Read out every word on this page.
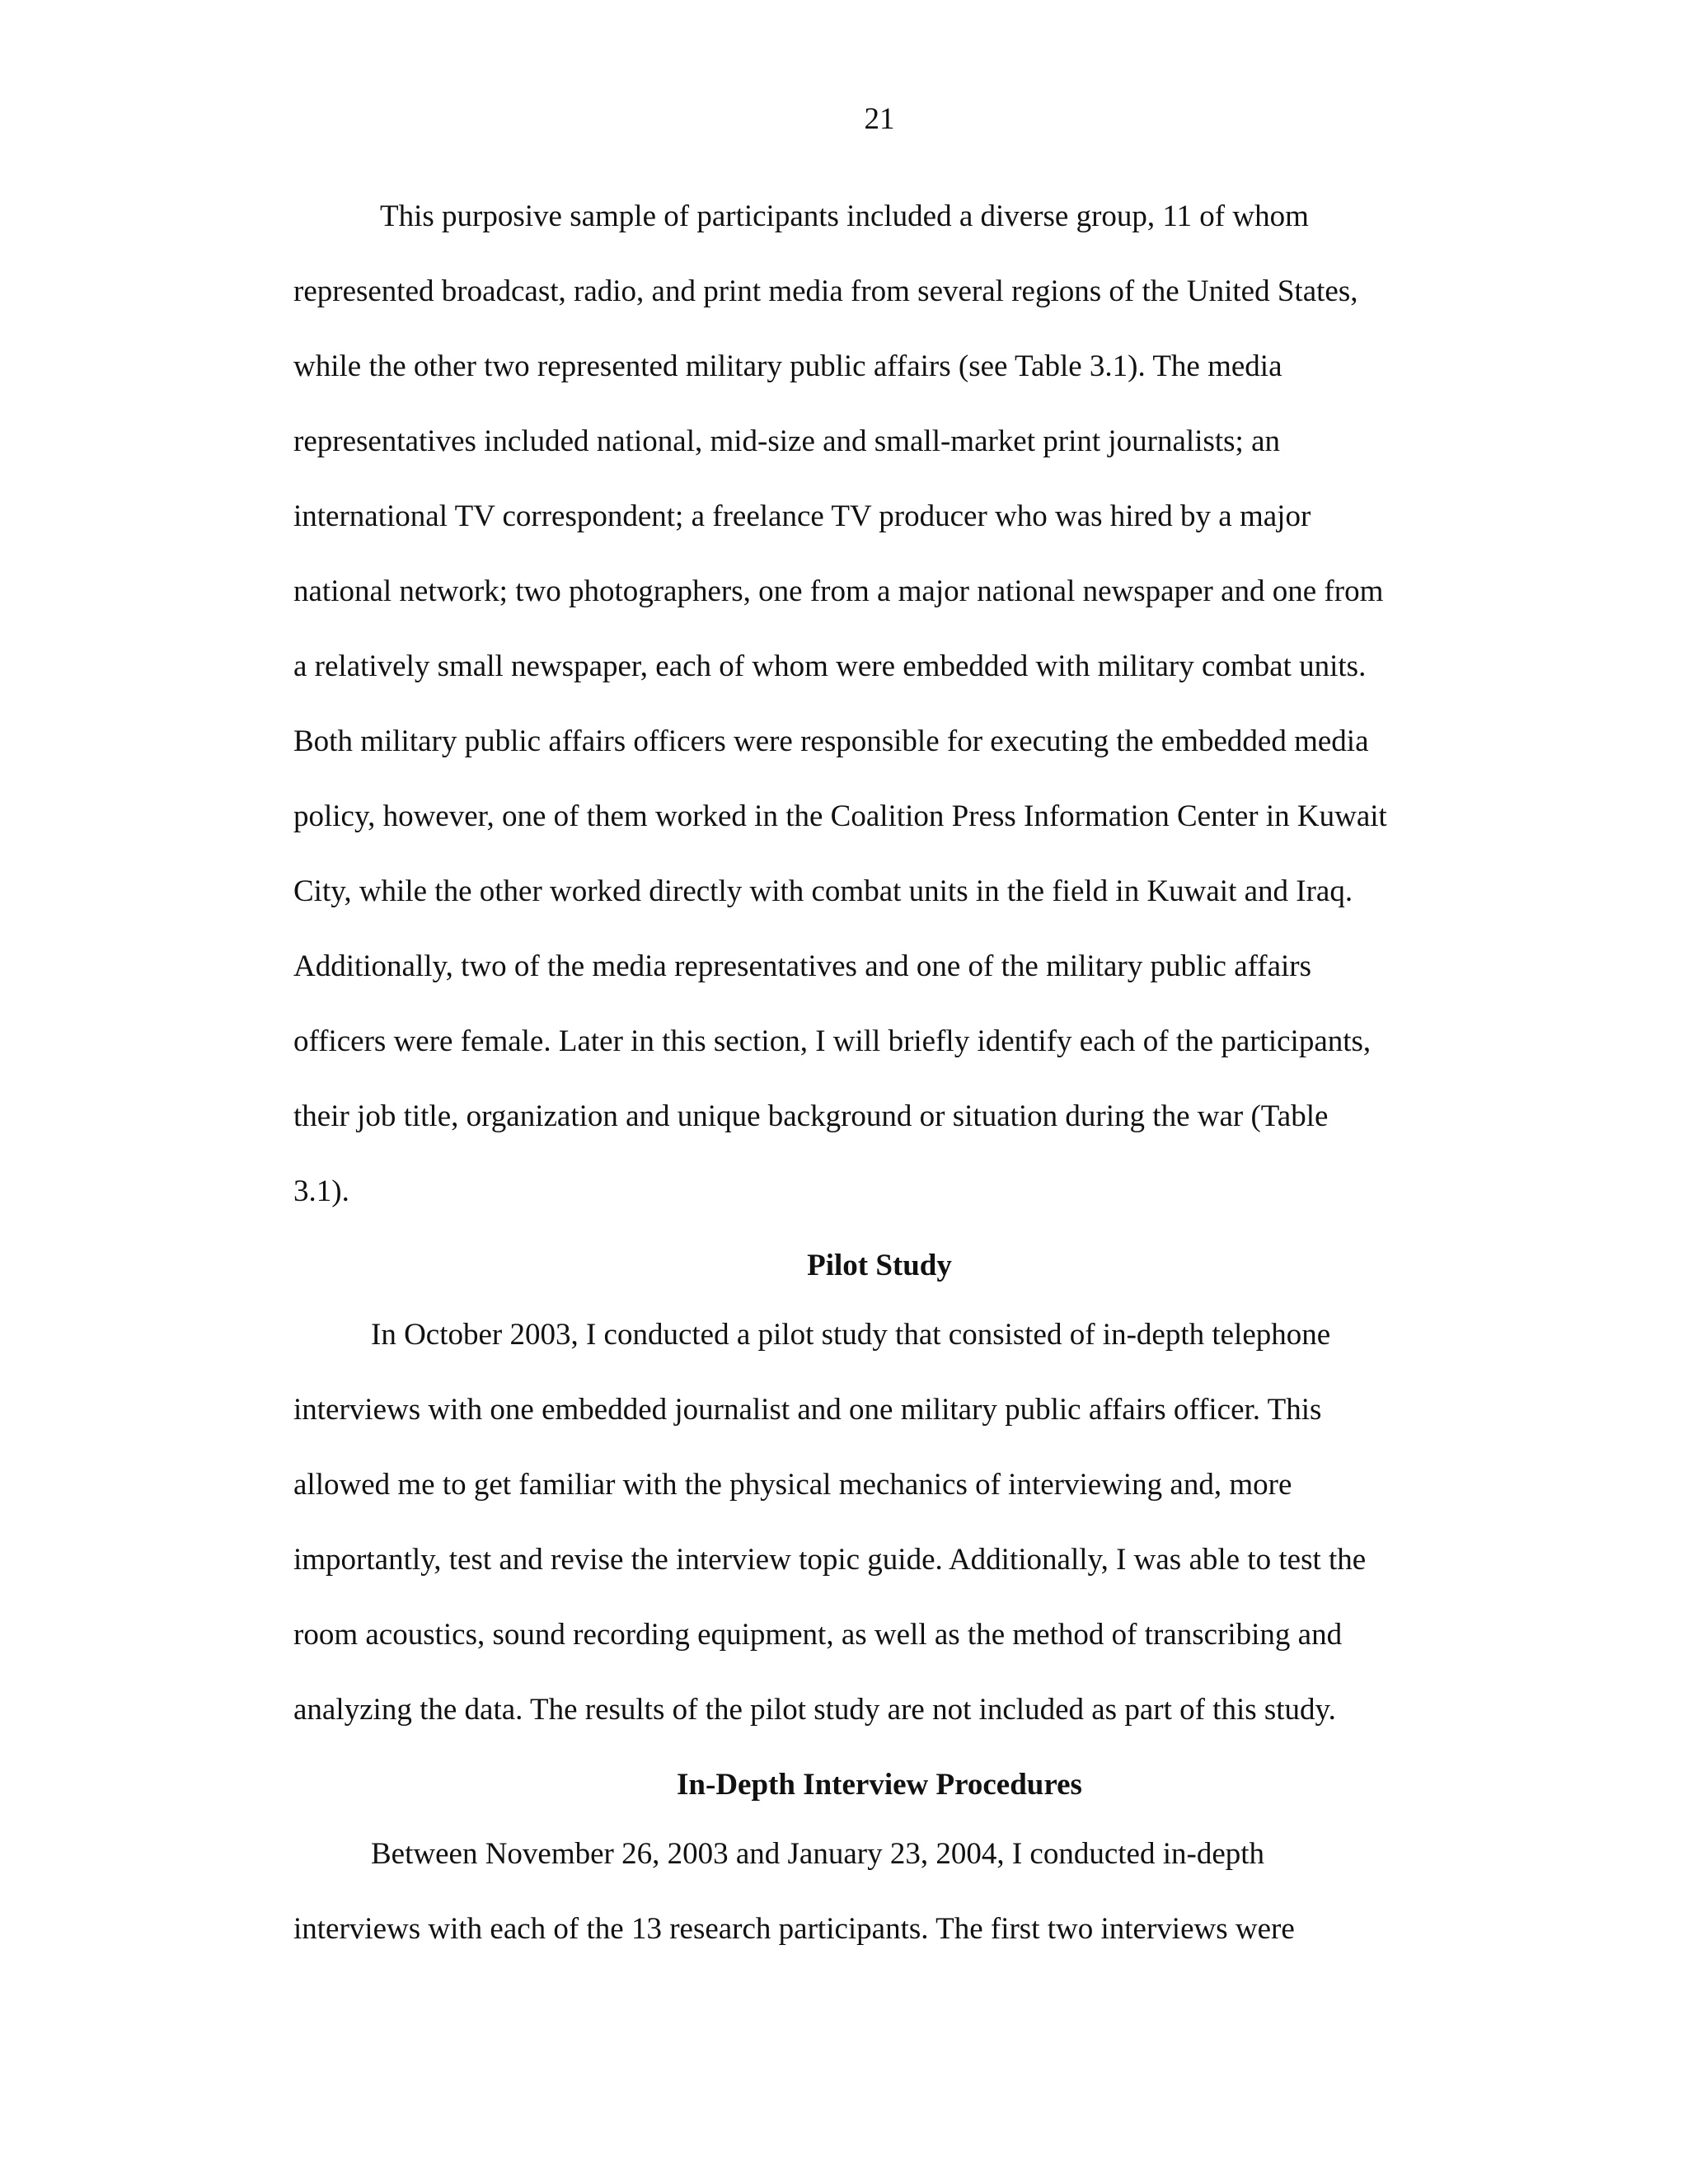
21
This purposive sample of participants included a diverse group, 11 of whom
represented broadcast, radio, and print media from several regions of the United States,
while the other two represented military public affairs (see Table 3.1). The media
representatives included national, mid-size and small-market print journalists; an
international TV correspondent; a freelance TV producer who was hired by a major
national network; two photographers, one from a major national newspaper and one from
a relatively small newspaper, each of whom were embedded with military combat units.
Both military public affairs officers were responsible for executing the embedded media
policy, however, one of them worked in the Coalition Press Information Center in Kuwait
City, while the other worked directly with combat units in the field in Kuwait and Iraq.
Additionally, two of the media representatives and one of the military public affairs
officers were female. Later in this section, I will briefly identify each of the participants,
their job title, organization and unique background or situation during the war (Table
3.1).
Pilot Study
In October 2003, I conducted a pilot study that consisted of in-depth telephone
interviews with one embedded journalist and one military public affairs officer. This
allowed me to get familiar with the physical mechanics of interviewing and, more
importantly, test and revise the interview topic guide. Additionally, I was able to test the
room acoustics, sound recording equipment, as well as the method of transcribing and
analyzing the data. The results of the pilot study are not included as part of this study.
In-Depth Interview Procedures
Between November 26, 2003 and January 23, 2004, I conducted in-depth
interviews with each of the 13 research participants. The first two interviews were
